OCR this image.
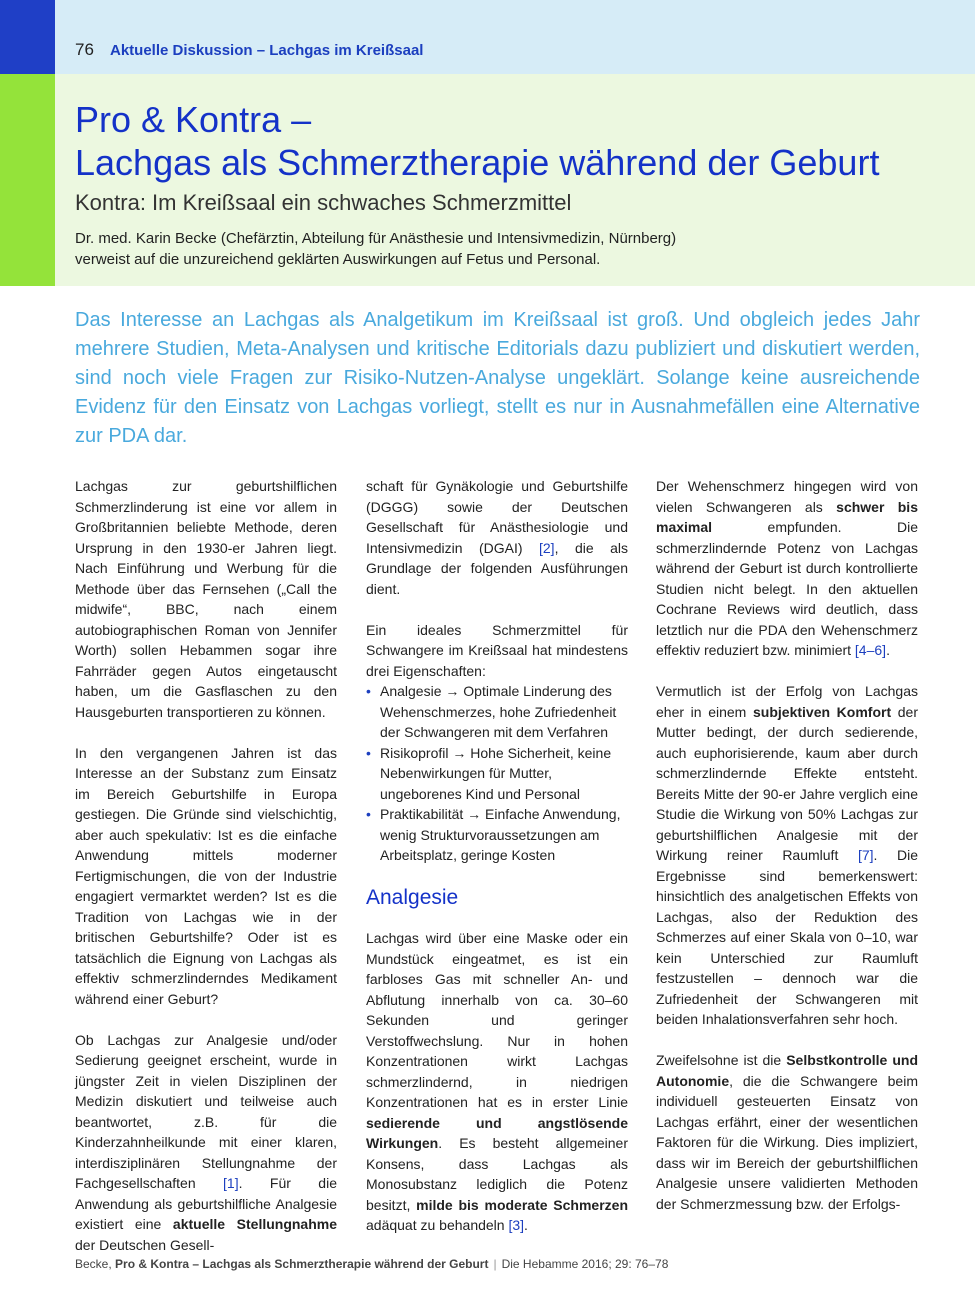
76 Aktuelle Diskussion – Lachgas im Kreißsaal
Pro & Kontra –
Lachgas als Schmerztherapie während der Geburt

Kontra: Im Kreißsaal ein schwaches Schmerzmittel

Dr. med. Karin Becke (Chefärztin, Abteilung für Anästhesie und Intensivmedizin, Nürnberg)
verweist auf die unzureichend geklärten Auswirkungen auf Fetus und Personal.

Das Interesse an Lachgas als Analgetikum im Kreißsaal ist groß. Und obgleich jedes Jahr mehrere Studien, Meta-Analysen und kritische Editorials dazu publiziert und diskutiert werden, sind noch viele Fragen zur Risiko-Nutzen-Analyse ungeklärt. Solange keine ausreichende Evidenz für den Einsatz von Lachgas vorliegt, stellt es nur in Ausnahmefällen eine Alternative zur PDA dar.

Lachgas zur geburtshilflichen Schmerzlinderung ist eine vor allem in Großbritannien beliebte Methode, deren Ursprung in den 1930-er Jahren liegt. Nach Einführung und Werbung für die Methode über das Fernsehen („Call the midwife“, BBC, nach einem autobiographischen Roman von Jennifer Worth) sollen Hebammen sogar ihre Fahrräder gegen Autos eingetauscht haben, um die Gasflaschen zu den Hausgeburten transportieren zu können.

In den vergangenen Jahren ist das Interesse an der Substanz zum Einsatz im Bereich Geburtshilfe in Europa gestiegen. Die Gründe sind vielschichtig, aber auch spekulativ: Ist es die einfache Anwendung mittels moderner Fertigmischungen, die von der Industrie engagiert vermarktet werden? Ist es die Tradition von Lachgas wie in der britischen Geburtshilfe? Oder ist es tatsächlich die Eignung von Lachgas als effektiv schmerzlinderndes Medikament während einer Geburt?

Ob Lachgas zur Analgesie und/oder Sedierung geeignet erscheint, wurde in jüngster Zeit in vielen Disziplinen der Medizin diskutiert und teilweise auch beantwortet, z.B. für die Kinderzahnheilkunde mit einer klaren, interdisziplinären Stellungnahme der Fachgesellschaften [1]. Für die Anwendung als geburtshilfliche Analgesie existiert eine aktuelle Stellungnahme der Deutschen Gesell-

schaft für Gynäkologie und Geburtshilfe (DGGG) sowie der Deutschen Gesellschaft für Anästhesiologie und Intensivmedizin (DGAI) [2], die als Grundlage der folgenden Ausführungen dient.

Ein ideales Schmerzmittel für Schwangere im Kreißsaal hat mindestens drei Eigenschaften:

• Analgesie → Optimale Linderung des Wehenschmerzes, hohe Zufriedenheit der Schwangeren mit dem Verfahren
• Risikoprofil → Hohe Sicherheit, keine Nebenwirkungen für Mutter, ungeborenes Kind und Personal
• Praktikabilität → Einfache Anwendung, wenig Strukturvoraussetzungen am Arbeitsplatz, geringe Kosten
Analgesie

Lachgas wird über eine Maske oder ein Mundstück eingeatmet, es ist ein farbloses Gas mit schneller An- und Abflutung innerhalb von ca. 30–60 Sekunden und geringer Verstoffwechslung. Nur in hohen Konzentrationen wirkt Lachgas schmerzlindernd, in niedrigen Konzentrationen hat es in erster Linie sedierende und angstlösende Wirkungen. Es besteht allgemeiner Konsens, dass Lachgas als Monosubstanz lediglich die Potenz besitzt, milde bis moderate Schmerzen adäquat zu behandeln [3].

Der Wehenschmerz hingegen wird von vielen Schwangeren als schwer bis maximal empfunden. Die schmerzlindernde Potenz von Lachgas während der Geburt ist durch kontrollierte Studien nicht belegt. In den aktuellen Cochrane Reviews wird deutlich, dass letztlich nur die PDA den Wehenschmerz effektiv reduziert bzw. minimiert [4–6].

Vermutlich ist der Erfolg von Lachgas eher in einem subjektiven Komfort der Mutter bedingt, der durch sedierende, auch euphorisierende, kaum aber durch schmerzlindernde Effekte entsteht. Bereits Mitte der 90-er Jahre verglich eine Studie die Wirkung von 50% Lachgas zur geburtshilflichen Analgesie mit der Wirkung reiner Raumluft [7]. Die Ergebnisse sind bemerkenswert: hinsichtlich des analgetischen Effekts von Lachgas, also der Reduktion des Schmerzes auf einer Skala von 0–10, war kein Unterschied zur Raumluft festzustellen – dennoch war die Zufriedenheit der Schwangeren mit beiden Inhalationsverfahren sehr hoch.

Zweifelsohne ist die Selbstkontrolle und Autonomie, die die Schwangere beim individuell gesteuerten Einsatz von Lachgas erfährt, einer der wesentlichen Faktoren für die Wirkung. Dies impliziert, dass wir im Bereich der geburtshilflichen Analgesie unsere validierten Methoden der Schmerzmessung bzw. der Erfolgs-

Becke, Pro & Kontra – Lachgas als Schmerztherapie während der Geburt | Die Hebamme 2016; 29: 76–78
